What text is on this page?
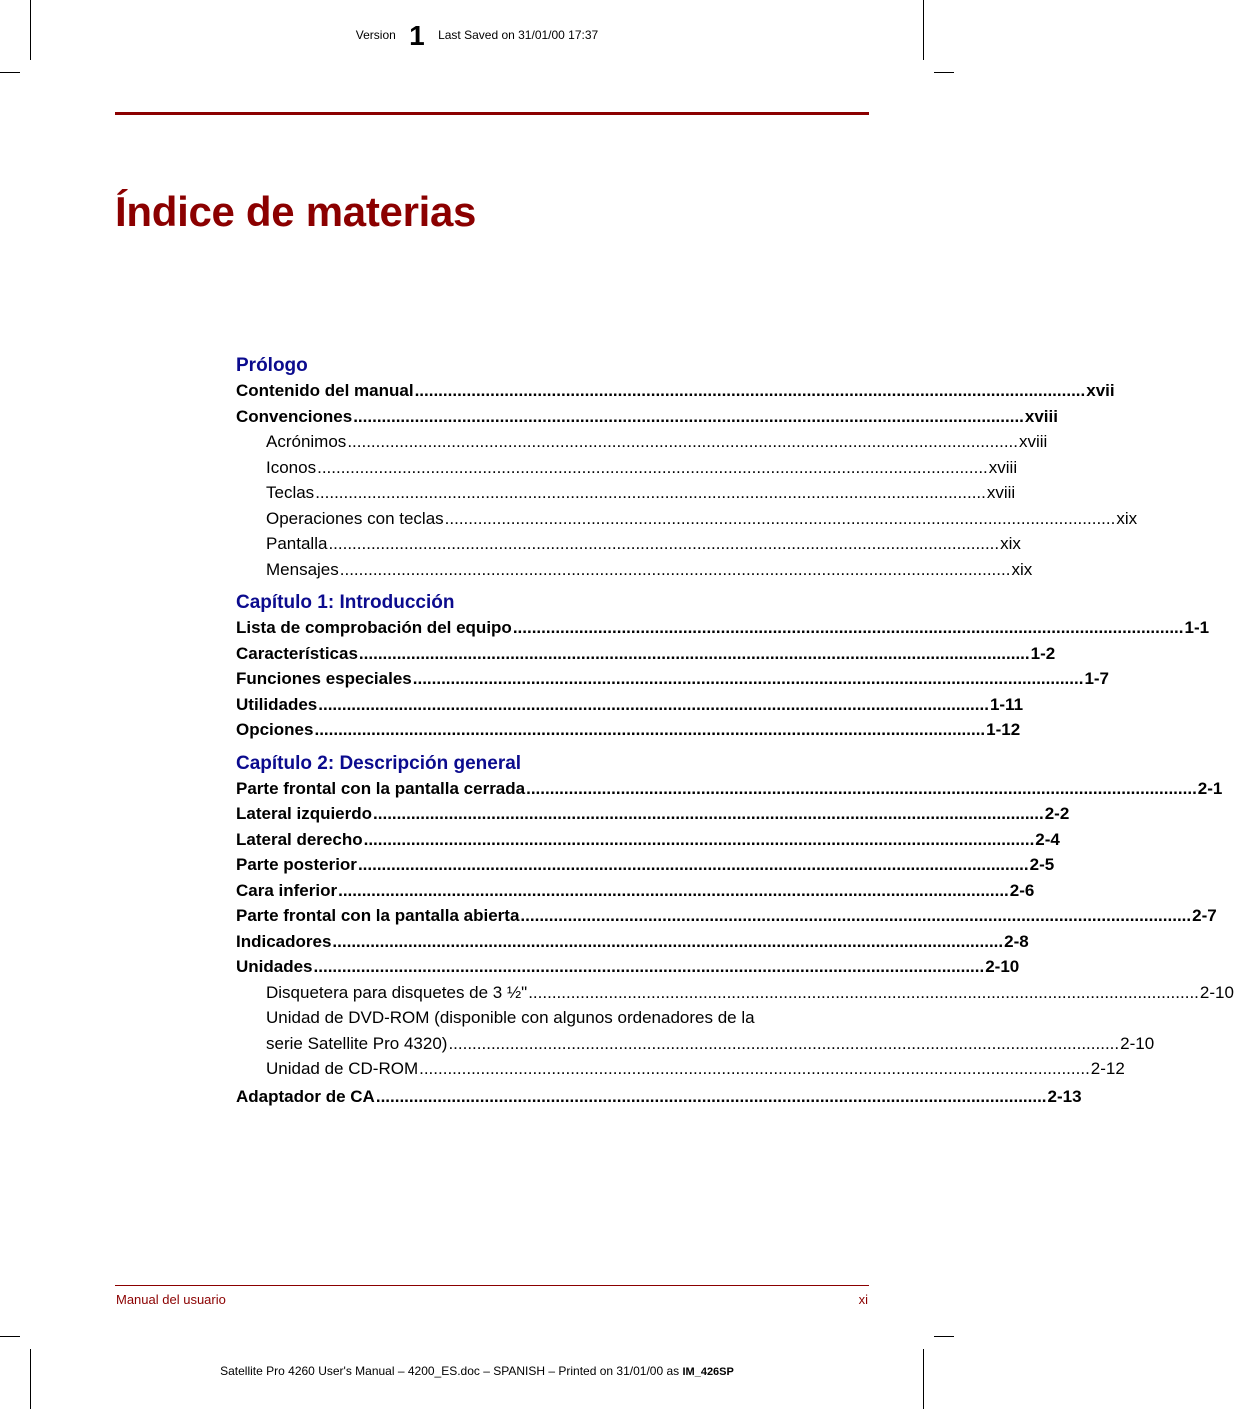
Version 1 Last Saved on 31/01/00 17:37
Índice de materias
Prólogo
Contenido del manual .............................................................................................................................................. xvii
Convenciones .............................................................................................................................................. xviii
Acrónimos .............................................................................................................................................. xviii
Iconos .............................................................................................................................................. xviii
Teclas .............................................................................................................................................. xviii
Operaciones con teclas .............................................................................................................................................. xix
Pantalla .............................................................................................................................................. xix
Mensajes .............................................................................................................................................. xix
Capítulo 1: Introducción
Lista de comprobación del equipo .............................................................................................................................................. 1-1
Características .............................................................................................................................................. 1-2
Funciones especiales .............................................................................................................................................. 1-7
Utilidades .............................................................................................................................................. 1-11
Opciones .............................................................................................................................................. 1-12
Capítulo 2: Descripción general
Parte frontal con la pantalla cerrada .............................................................................................................................................. 2-1
Lateral izquierdo .............................................................................................................................................. 2-2
Lateral derecho .............................................................................................................................................. 2-4
Parte posterior .............................................................................................................................................. 2-5
Cara inferior .............................................................................................................................................. 2-6
Parte frontal con la pantalla abierta .............................................................................................................................................. 2-7
Indicadores .............................................................................................................................................. 2-8
Unidades .............................................................................................................................................. 2-10
Disquetera para disquetes de 3 ½" .............................................................................................................................................. 2-10
Unidad de DVD-ROM (disponible con algunos ordenadores de la
serie Satellite Pro 4320) .............................................................................................................................................. 2-10
Unidad de CD-ROM .............................................................................................................................................. 2-12
Adaptador de CA .............................................................................................................................................. 2-13
Manual del usuario	xi
Satellite Pro 4260 User's Manual – 4200_ES.doc – SPANISH – Printed on 31/01/00 as IM_426SP
